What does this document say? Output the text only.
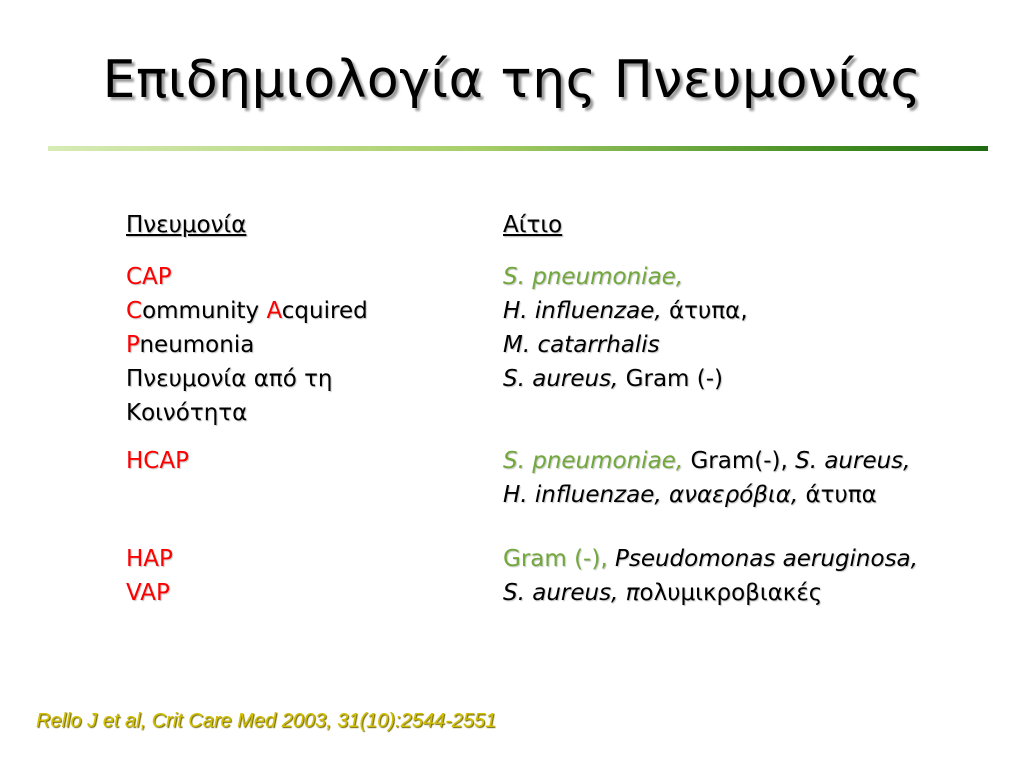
Επιδημιολογία της Πνευμονίας
Πνευμονία	Αίτιο
CAP
Community Acquired
Pneumonia
Πνευμονία από τη
Κοινότητα
S. pneumoniae,
H. influenzae, άτυπα,
M. catarrhalis
S. aureus, Gram (-)
HCAP	S. pneumoniae, Gram(-), S. aureus,
H. influenzae, αναερόβια, άτυπα
HAP
VAP
Gram (-), Pseudomonas aeruginosa,
S. aureus, πολυμικροβιακές
Rello J et al, Crit Care Med 2003, 31(10):2544-2551
